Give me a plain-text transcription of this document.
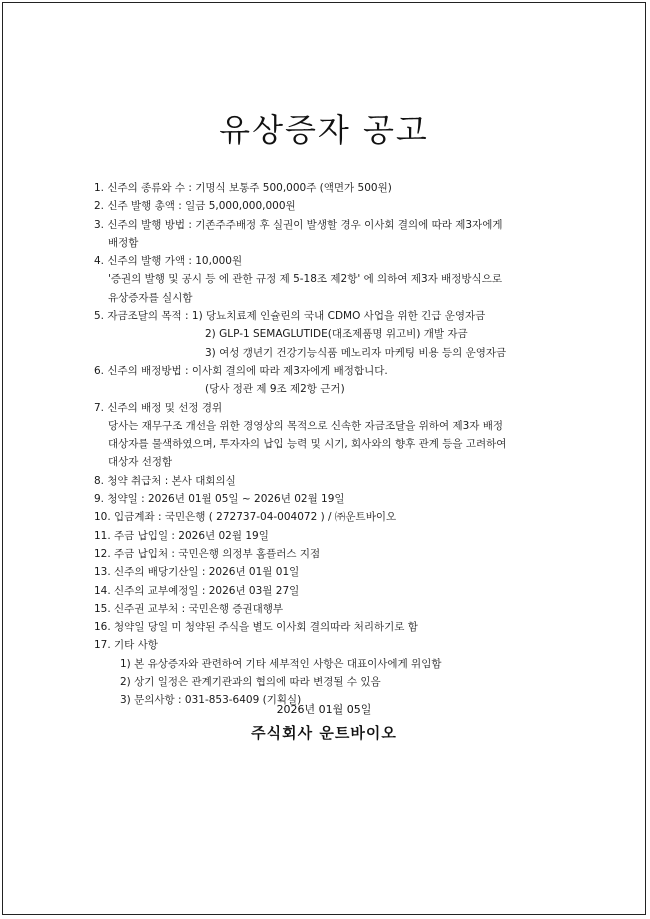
유상증자 공고
1. 신주의 종류와 수 : 기명식 보통주 500,000주 (액면가 500원)
2. 신주 발행 총액 : 일금 5,000,000,000원
3. 신주의 발행 방법 : 기존주주배정 후 실권이 발생할 경우 이사회 결의에 따라 제3자에게
배정함
4. 신주의 발행 가액 : 10,000원
'증권의 발행 및 공시 등 에 관한 규정 제 5-18조 제2항' 에 의하여 제3자 배정방식으로
유상증자를 실시함
5. 자금조달의 목적 : 1) 당뇨치료제 인슐린의 국내 CDMO 사업을 위한 긴급 운영자금
2) GLP-1 SEMAGLUTIDE(대조제품명 위고비) 개발 자금
3) 여성 갱년기 건강기능식품 메노리자 마케팅 비용 등의 운영자금
6. 신주의 배정방법 : 이사회 결의에 따라 제3자에게 배정합니다.
(당사 정관 제 9조 제2항 근거)
7. 신주의 배정 및 선정 경위
당사는 재무구조 개선을 위한 경영상의 목적으로 신속한 자금조달을 위하여 제3자 배정
대상자를 물색하였으며, 투자자의 납입 능력 및 시기, 회사와의 향후 관계 등을 고려하여
대상자 선정함
8. 청약 취급처 : 본사 대회의실
9. 청약일 : 2026년 01월 05일 ~ 2026년 02월 19일
10. 입금계좌 : 국민은행 ( 272737-04-004072 ) / ㈜운트바이오
11. 주금 납입일 : 2026년 02월 19일
12. 주금 납입처 : 국민은행 의정부 홈플러스 지점
13. 신주의 배당기산일 : 2026년 01월 01일
14. 신주의 교부예정일 : 2026년 03월 27일
15. 신주권 교부처 : 국민은행 증권대행부
16. 청약일 당일 미 청약된 주식을 별도 이사회 결의따라 처리하기로 함
17. 기타 사항
1) 본 유상증자와 관련하여 기타 세부적인 사항은 대표이사에게 위임함
2) 상기 일정은 관계기관과의 협의에 따라 변경될 수 있음
3) 문의사항 : 031-853-6409 (기획실)
2026년 01월 05일
주식회사 운트바이오
